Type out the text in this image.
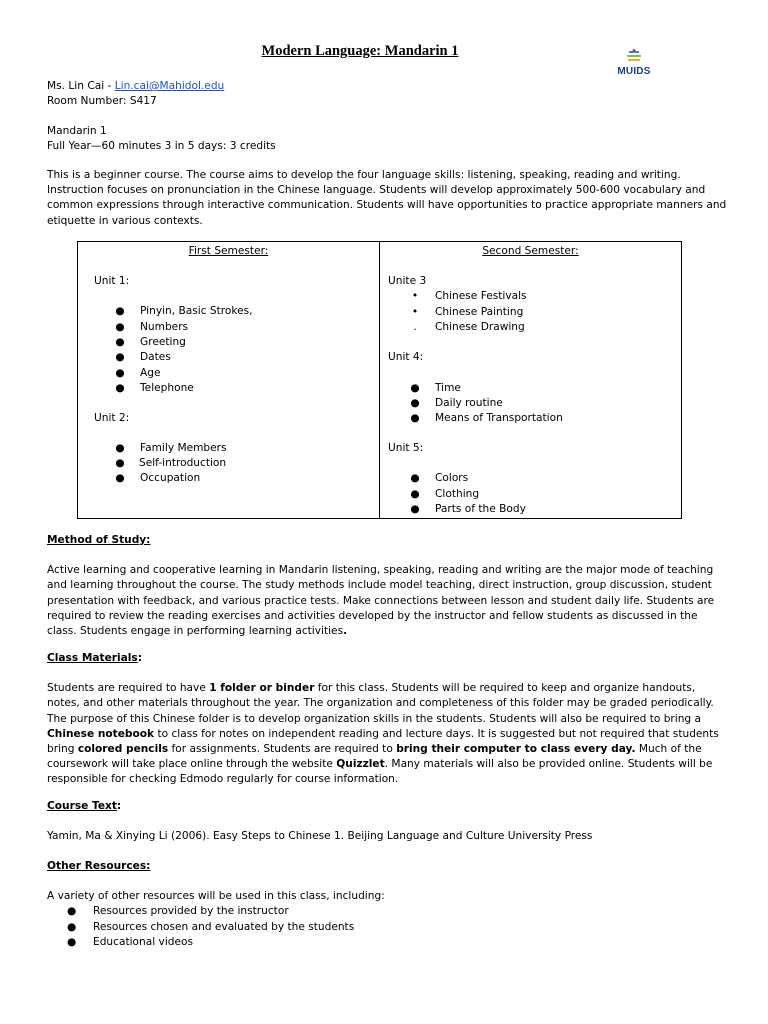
Modern Language: Mandarin 1
MUIDS
Ms. Lin Cai - Lin.cai@Mahidol.edu
Room Number: S417
Mandarin 1
Full Year—60 minutes 3 in 5 days: 3 credits
This is a beginner course. The course aims to develop the four language skills: listening, speaking, reading and writing. Instruction focuses on pronunciation in the Chinese language. Students will develop approximately 500-600 vocabulary and common expressions through interactive communication. Students will have opportunities to practice appropriate manners and etiquette in various contexts.
First Semester:
Unit 1:
● Pinyin, Basic Strokes,
● Numbers
● Greeting
● Dates
● Age
● Telephone
Unit 2:
● Family Members
● Self-introduction
● Occupation

Second Semester:
Unite 3
• Chinese Festivals
• Chinese Painting
.	Chinese Drawing
Unit 4:
● Time
● Daily routine
● Means of Transportation
Unit 5:
● Colors
● Clothing
● Parts of the Body
Method of Study:
Active learning and cooperative learning in Mandarin listening, speaking, reading and writing are the major mode of teaching and learning throughout the course. The study methods include model teaching, direct instruction, group discussion, student presentation with feedback, and various practice tests. Make connections between lesson and student daily life. Students are required to review the reading exercises and activities developed by the instructor and fellow students as discussed in the class. Students engage in performing learning activities.
Class Materials:
Students are required to have 1 folder or binder for this class. Students will be required to keep and organize handouts, notes, and other materials throughout the year. The organization and completeness of this folder may be graded periodically. The purpose of this Chinese folder is to develop organization skills in the students. Students will also be required to bring a Chinese notebook to class for notes on independent reading and lecture days. It is suggested but not required that students bring colored pencils for assignments. Students are required to bring their computer to class every day. Much of the coursework will take place online through the website Quizzlet. Many materials will also be provided online. Students will be responsible for checking Edmodo regularly for course information.
Course Text:
Yamin, Ma & Xinying Li (2006). Easy Steps to Chinese 1. Beijing Language and Culture University Press
Other Resources:
A variety of other resources will be used in this class, including:
● Resources provided by the instructor
● Resources chosen and evaluated by the students
● Educational videos
